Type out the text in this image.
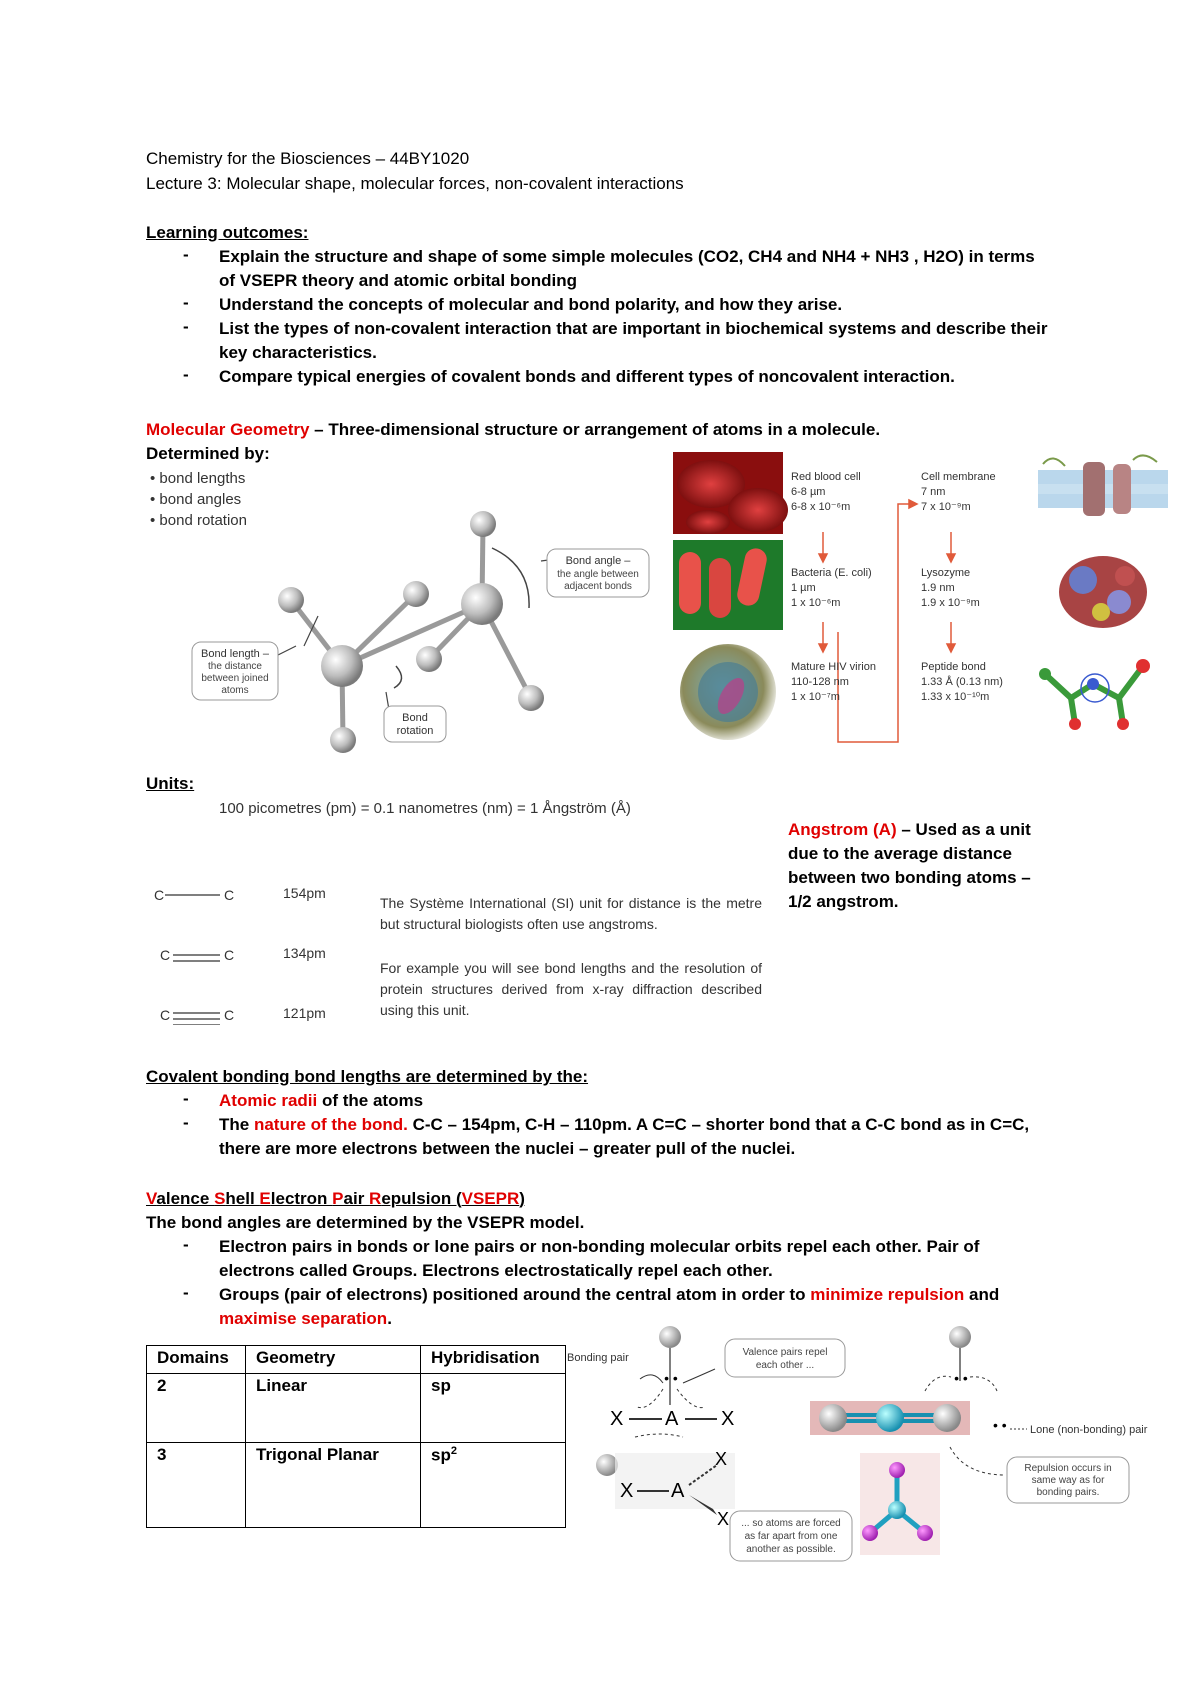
Chemistry for the Biosciences – 44BY1020
Lecture 3: Molecular shape, molecular forces, non-covalent interactions
Learning outcomes:
- Explain the structure and shape of some simple molecules (CO2, CH4 and NH4 + NH3 , H2O) in terms
of VSEPR theory and atomic orbital bonding
- Understand the concepts of molecular and bond polarity, and how they arise.
- List the types of non-covalent interaction that are important in biochemical systems and describe their
key characteristics.
- Compare typical energies of covalent bonds and different types of noncovalent interaction.
Molecular Geometry – Three-dimensional structure or arrangement of atoms in a molecule.
Determined by:
• bond lengths
• bond angles
• bond rotation
Bond angle –
the angle between
adjacent bonds
Bond length –
the distance
between joined
atoms
Bond
rotation
Red blood cell
6-8 µm
6-8 x 10⁻⁶m
Bacteria (E. coli)
1 µm
1 x 10⁻⁶m
Mature HIV virion
110-128 nm
1 x 10⁻⁷m
Cell membrane
7 nm
7 x 10⁻⁹m
Lysozyme
1.9 nm
1.9 x 10⁻⁹m
Peptide bond
1.33 Å (0.13 nm)
1.33 x 10⁻¹⁰m
Units:
100 picometres (pm) = 0.1 nanometres (nm) = 1 Ångström (Å)
Angstrom (A) – Used as a unit
due to the average distance
between two bonding atoms –
1/2 angstrom.
C	C	154pm
C	C	134pm
C	C	121pm
The Système International (SI) unit for distance is the metre but structural biologists often use angstroms.
For example you will see bond lengths and the resolution of protein structures derived from x-ray diffraction described using this unit.
Covalent bonding bond lengths are determined by the:
- Atomic radii of the atoms
- The nature of the bond. C-C – 154pm, C-H – 110pm. A C=C – shorter bond that a C-C bond as in C=C,
there are more electrons between the nuclei – greater pull of the nuclei.
Valence Shell Electron Pair Repulsion (VSEPR)
The bond angles are determined by the VSEPR model.
- Electron pairs in bonds or lone pairs or non-bonding molecular orbits repel each other. Pair of
electrons called Groups. Electrons electrostatically repel each other.
- Groups (pair of electrons) positioned around the central atom in order to minimize repulsion and
maximise separation.
Domains	Geometry	Hybridisation
2	Linear	sp
3	Trigonal Planar	$sp^2$
• •
Bonding pair	Valence pairs repel
each other ...
X A X
X A
X
X ... so atoms are forced
as far apart from one
another as possible.
• •
• • Lone (non-bonding) pair
Repulsion occurs in
same way as for
bonding pairs.
